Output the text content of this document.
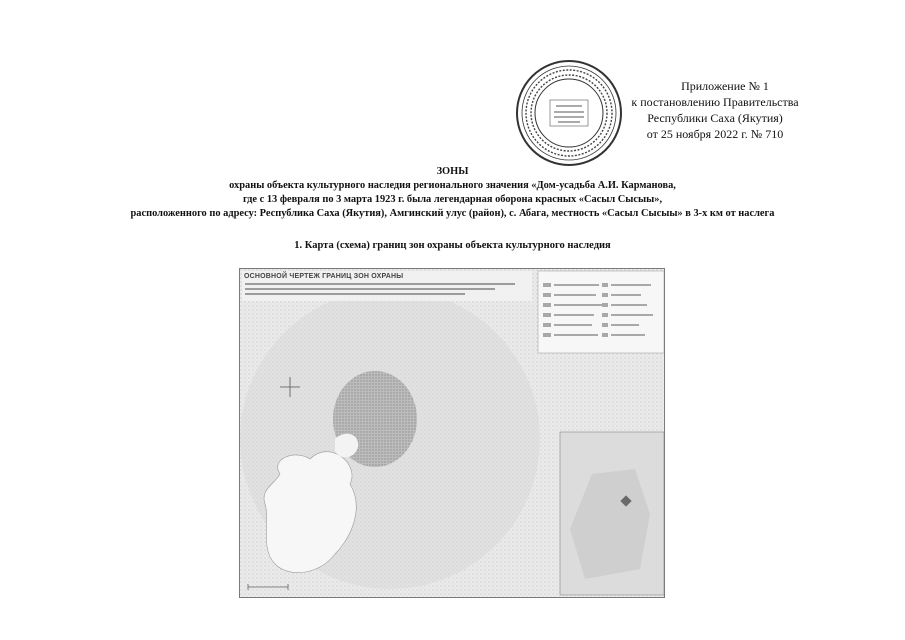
Приложение № 1
к постановлению Правительства
Республики Саха (Якутия)
от 25 ноября 2022 г. № 710
ЗОНЫ
охраны объекта культурного наследия регионального значения «Дом-усадьба А.И. Карманова,
где с 13 февраля по 3 марта 1923 г. была легендарная оборона красных «Сасыл Сысыы»,
расположенного по адресу: Республика Саха (Якутия), Амгинский улус (район), с. Абага, местность «Сасыл Сысыы» в 3-х км от наслега
1. Карта (схема) границ зон охраны объекта культурного наследия
ОСНОВНОЙ ЧЕРТЕЖ ГРАНИЦ ЗОН ОХРАНЫ
